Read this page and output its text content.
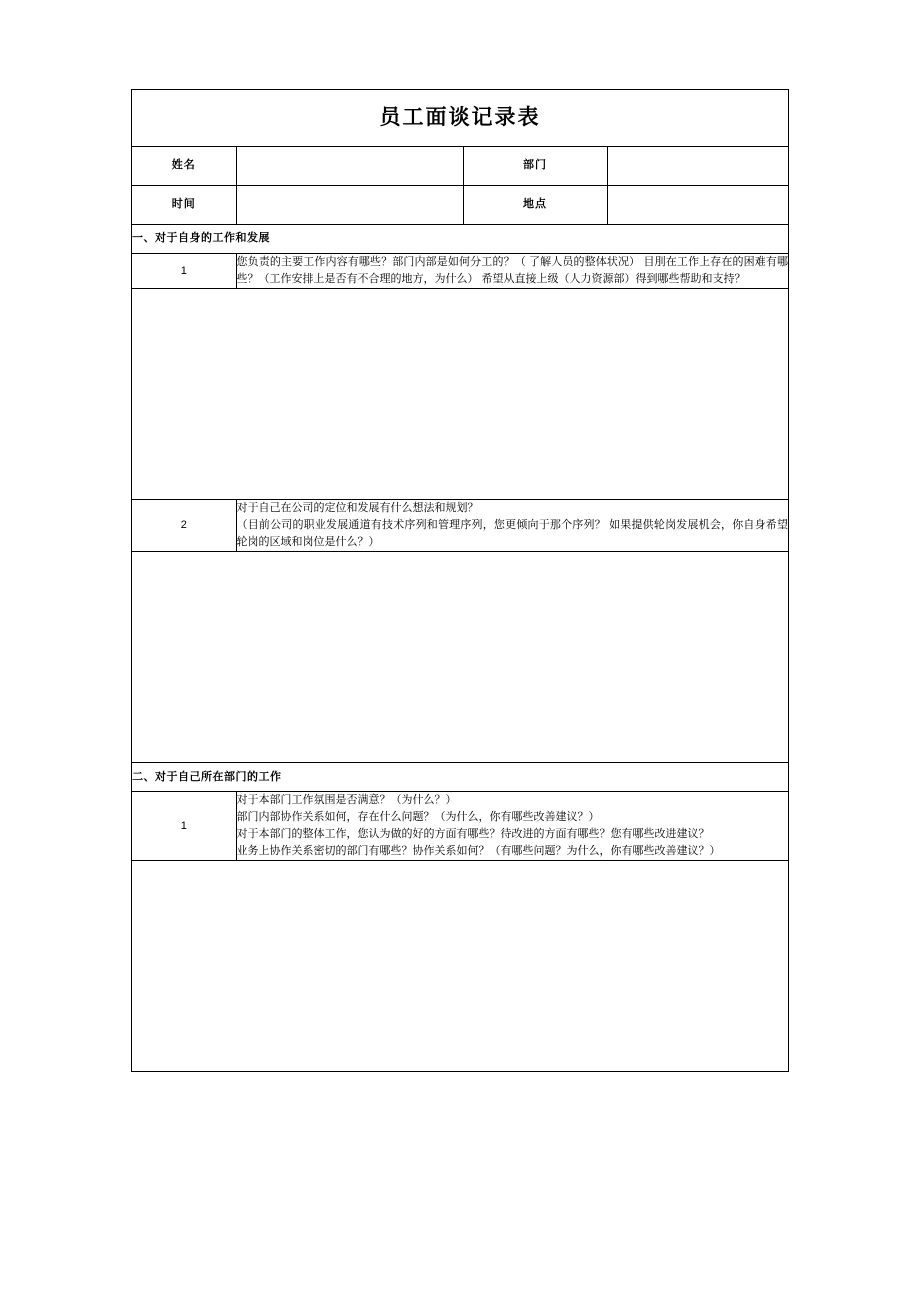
员工面谈记录表			
姓名		部门	
时间		地点	
一、对于自身的工作和发展			
1	您负责的主要工作内容有哪些？部门内部是如何分工的？（ 了解人员的整体状况） 目刖在工作上存在的困难有哪些？（工作安排上是否有不合理的地方，为什么） 希望从直接上级（人力资源部）得到哪些帮助和支持？		

2	对于自己在公司的定位和发展有什么想法和规划？

（目前公司的职业发展通道有技术序列和管理序列，您更倾向于那个序列？ 如果提供轮岗发展机会，你自身希望轮岗的区域和岗位是什么？）		

二、对于自己所在部门的工作			
1	对于本部门工作氛围是否满意？（为什么？）

部门内部协作关系如何，存在什么问题？（为什么，你有哪些改善建议？）

对于本部门的整体工作，您认为做的好的方面有哪些？待改进的方面有哪些？您有哪些改进建议？

业务上协作关系密切的部门有哪些？协作关系如何？（有哪些问题？为什么，你有哪些改善建议？）		
